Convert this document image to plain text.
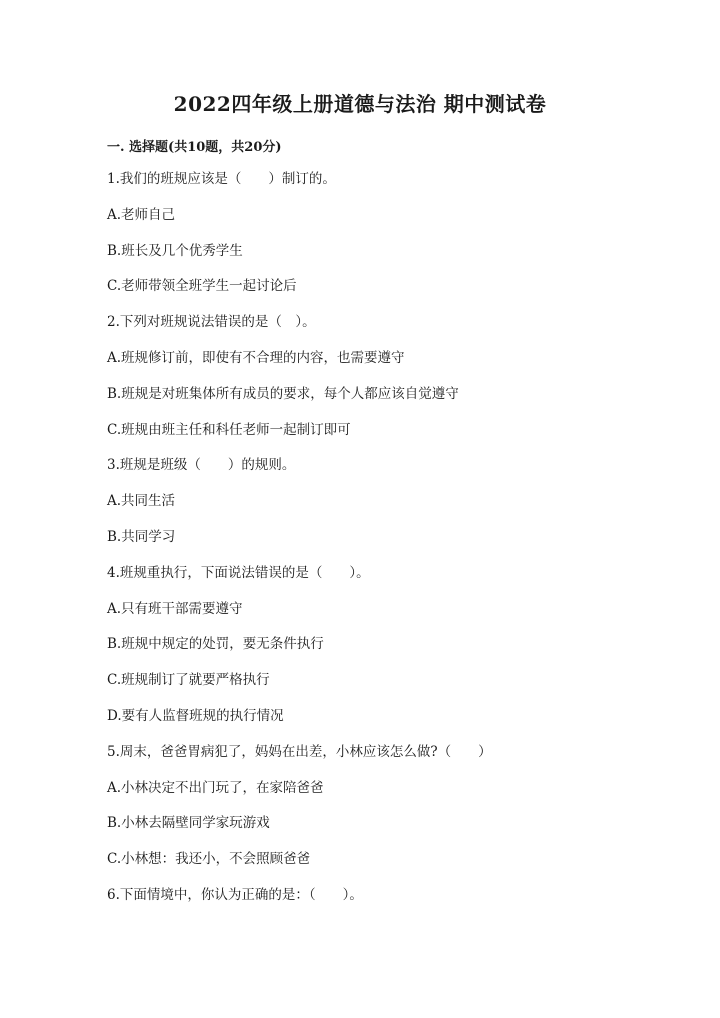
2022四年级上册道德与法治 期中测试卷
一. 选择题(共10题，共20分)
1.我们的班规应该是（　　）制订的。
A.老师自己
B.班长及几个优秀学生
C.老师带领全班学生一起讨论后
2.下列对班规说法错误的是（　）。
A.班规修订前，即使有不合理的内容，也需要遵守
B.班规是对班集体所有成员的要求，每个人都应该自觉遵守
C.班规由班主任和科任老师一起制订即可
3.班规是班级（　　）的规则。
A.共同生活
B.共同学习
4.班规重执行，下面说法错误的是（　　）。
A.只有班干部需要遵守
B.班规中规定的处罚，要无条件执行
C.班规制订了就要严格执行
D.要有人监督班规的执行情况
5.周末，爸爸胃病犯了，妈妈在出差，小林应该怎么做?（　　）
A.小林决定不出门玩了，在家陪爸爸
B.小林去隔壁同学家玩游戏
C.小林想：我还小，不会照顾爸爸
6.下面情境中，你认为正确的是：（　　）。
